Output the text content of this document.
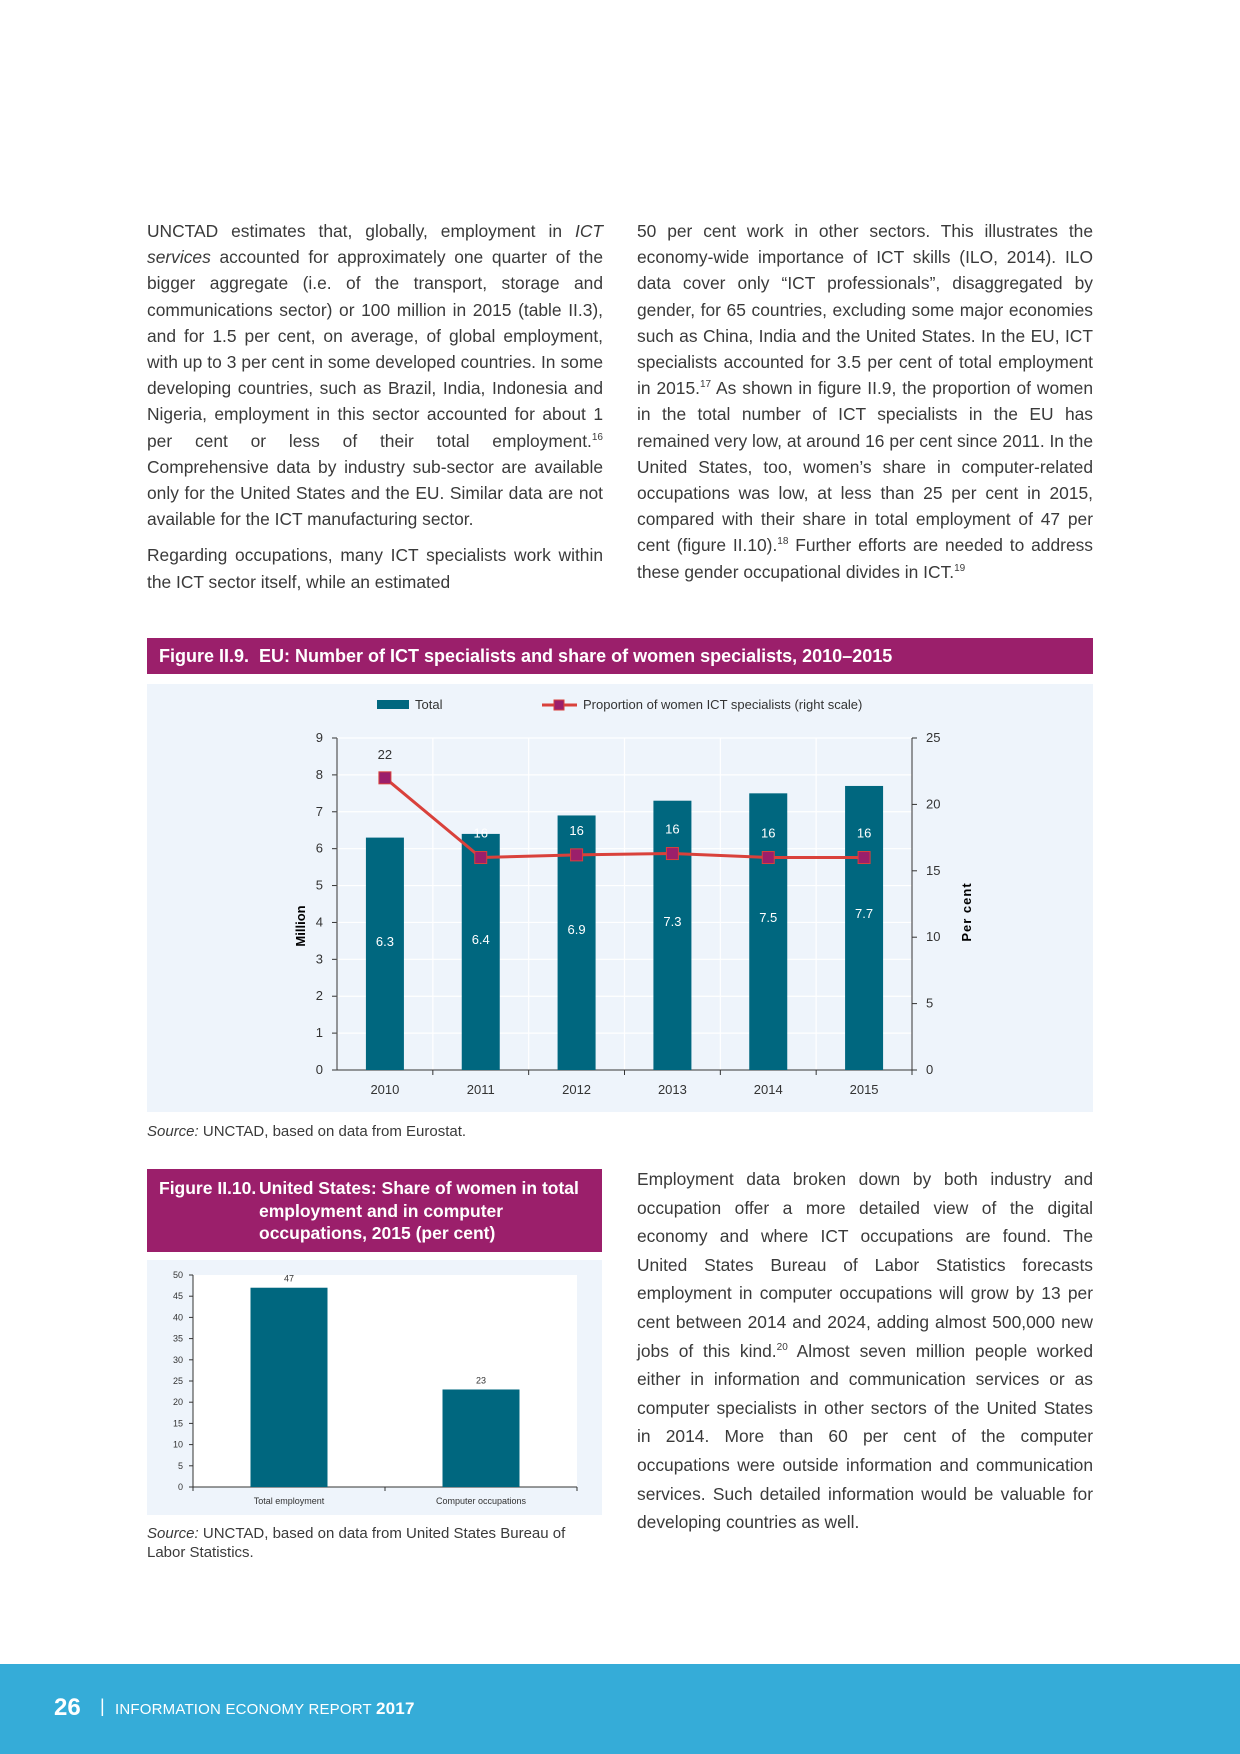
UNCTAD estimates that, globally, employment in ICT services accounted for approximately one quarter of the bigger aggregate (i.e. of the transport, storage and communications sector) or 100 million in 2015 (table II.3), and for 1.5 per cent, on average, of global employment, with up to 3 per cent in some developed countries. In some developing countries, such as Brazil, India, Indonesia and Nigeria, employment in this sector accounted for about 1 per cent or less of their total employment.$^{16}$ Comprehensive data by industry sub-sector are available only for the United States and the EU. Similar data are not available for the ICT manufacturing sector.

Regarding occupations, many ICT specialists work within the ICT sector itself, while an estimated

50 per cent work in other sectors. This illustrates the economy-wide importance of ICT skills (ILO, 2014). ILO data cover only “ICT professionals”, disaggregated by gender, for 65 countries, excluding some major economies such as China, India and the United States. In the EU, ICT specialists accounted for 3.5 per cent of total employment in 2015.17 As shown in figure II.9, the proportion of women in the total number of ICT specialists in the EU has remained very low, at around 16 per cent since 2011. In the United States, too, women’s share in computer-related occupations was low, at less than 25 per cent in 2015, compared with their share in total employment of 47 per cent (figure II.10).$^{18}$ Further efforts are needed to address these gender occupational divides in ICT.$^{19}$

Figure II.9. EU: Number of ICT specialists and share of women specialists, 2010–2015
Total	Proportion of women ICT specialists (right scale)
Million	Per cent
0
1
2
3
4
5
6
7
8
9
0
5
10
15
20
25
6.3	6.4
6.9
7.3	7.5	7.7
2010	2011	2012	2013	2014	2015
22
16	16	16	16	16
Source: UNCTAD, based on data from Eurostat.
Figure II.10. United States: Share of women in total employment and in computer occupations, 2015 (per cent)
0
5
10
15
20
25
30
35
40
45
50	47
Total employment
23
Computer occupations
Source: UNCTAD, based on data from United States Bureau of Labor Statistics.

Employment data broken down by both industry and occupation offer a more detailed view of the digital economy and where ICT occupations are found. The United States Bureau of Labor Statistics forecasts employment in computer occupations will grow by 13 per cent between 2014 and 2024, adding almost 500,000 new jobs of this kind.$^{20}$ Almost seven million people worked either in information and communication services or as computer specialists in other sectors of the United States in 2014. More than 60 per cent of the computer occupations were outside information and communication services. Such detailed information would be valuable for developing countries as well.

26 | INFORMATION ECONOMY REPORT 2017
